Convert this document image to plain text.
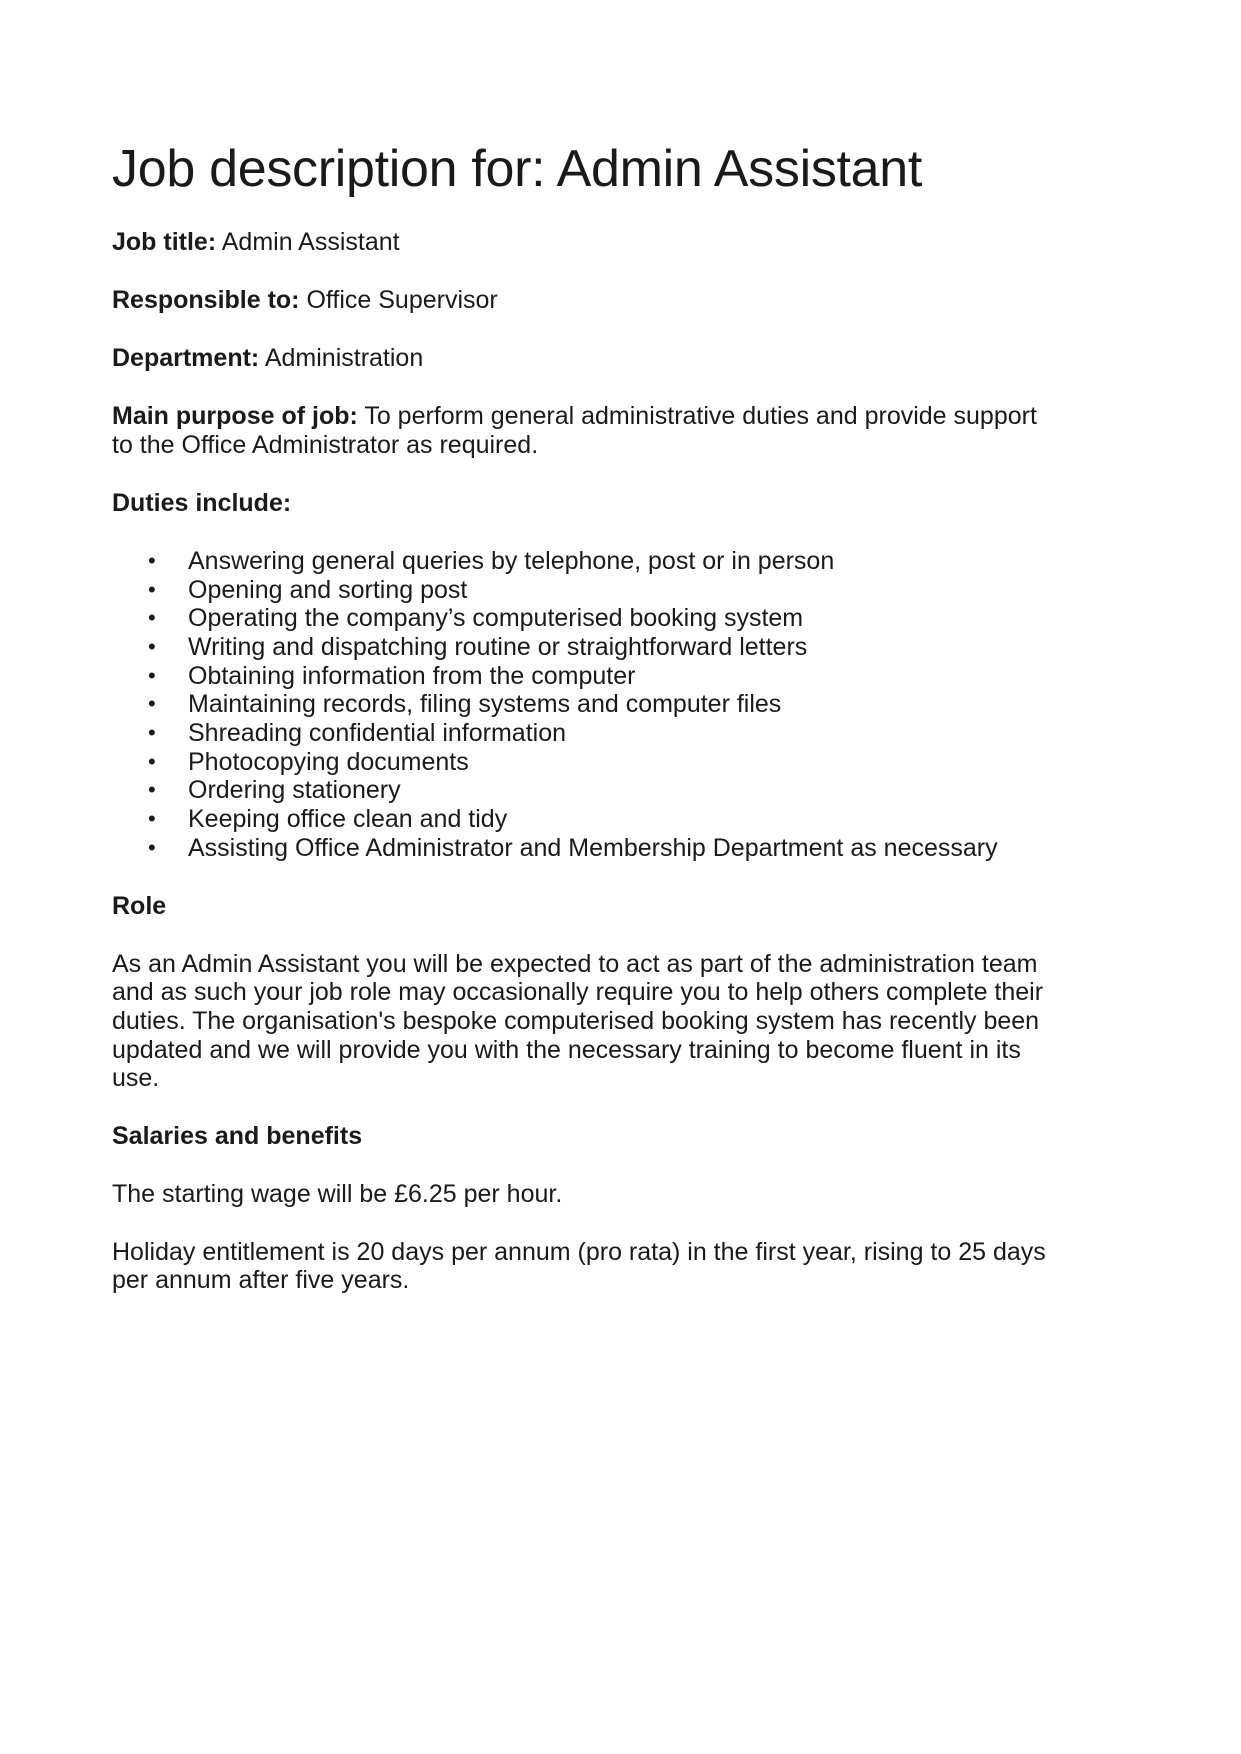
Job description for: Admin Assistant

Job title: Admin Assistant

Responsible to: Office Supervisor

Department: Administration

Main purpose of job: To perform general administrative duties and provide support to the Office Administrator as required.

Duties include:

• Answering general queries by telephone, post or in person
• Opening and sorting post
• Operating the company’s computerised booking system
• Writing and dispatching routine or straightforward letters
• Obtaining information from the computer
• Maintaining records, filing systems and computer files
• Shreading confidential information
• Photocopying documents
• Ordering stationery
• Keeping office clean and tidy
• Assisting Office Administrator and Membership Department as necessary

Role

As an Admin Assistant you will be expected to act as part of the administration team and as such your job role may occasionally require you to help others complete their duties. The organisation's bespoke computerised booking system has recently been updated and we will provide you with the necessary training to become fluent in its use.

Salaries and benefits

The starting wage will be £6.25 per hour.

Holiday entitlement is 20 days per annum (pro rata) in the first year, rising to 25 days per annum after five years.
